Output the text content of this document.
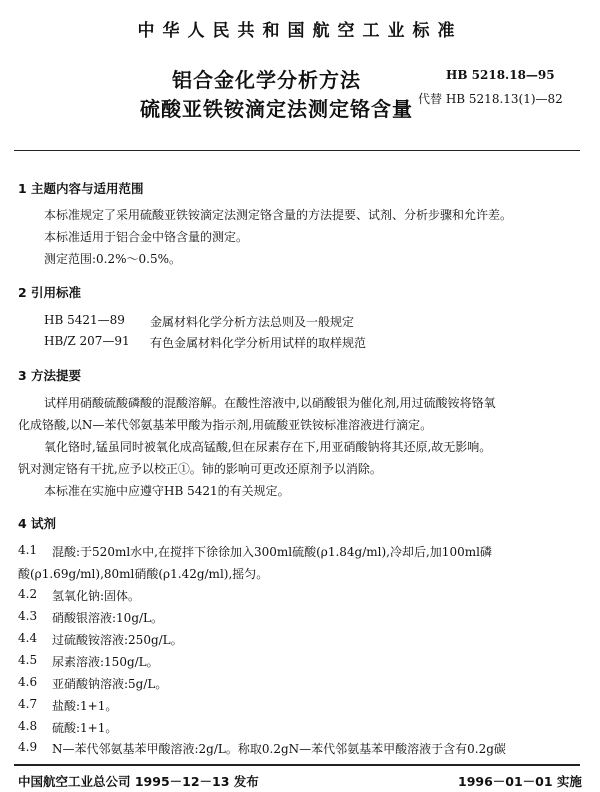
中华人民共和国航空工业标准
铝合金化学分析方法
硫酸亚铁铵滴定法测定铬含量
HB 5218.18—95
代替 HB 5218.13(1)—82
1 主题内容与适用范围
本标准规定了采用硫酸亚铁铵滴定法测定铬含量的方法提要、试剂、分析步骤和允许差。
本标准适用于铝合金中铬含量的测定。
测定范围:0.2%～0.5%。
2 引用标准
HB 5421—89 金属材料化学分析方法总则及一般规定
HB/Z 207—91 有色金属材料化学分析用试样的取样规范
3 方法提要
试样用硝酸硫酸磷酸的混酸溶解。在酸性溶液中,以硝酸银为催化剂,用过硫酸铵将铬氧
化成铬酸,以N—苯代邻氨基苯甲酸为指示剂,用硫酸亚铁铵标准溶液进行滴定。
氧化铬时,锰虽同时被氧化成高锰酸,但在尿素存在下,用亚硝酸钠将其还原,故无影响。
钒对测定铬有干扰,应予以校正①。铈的影响可更改还原剂予以消除。
本标准在实施中应遵守HB 5421的有关规定。
4 试剂
4.1 混酸:于520ml水中,在搅拌下徐徐加入300ml硫酸(ρ1.84g/ml),冷却后,加100ml磷
酸(ρ1.69g/ml),80ml硝酸(ρ1.42g/ml),摇匀。
4.2 氢氧化钠:固体。
4.3 硝酸银溶液:10g/L。
4.4 过硫酸铵溶液:250g/L。
4.5 尿素溶液:150g/L。
4.6 亚硝酸钠溶液:5g/L。
4.7 盐酸:1+1。
4.8 硫酸:1+1。
4.9 N—苯代邻氨基苯甲酸溶液:2g/L。称取0.2gN—苯代邻氨基苯甲酸溶液于含有0.2g碳
中国航空工业总公司 1995－12－13 发布	1996－01－01 实施
